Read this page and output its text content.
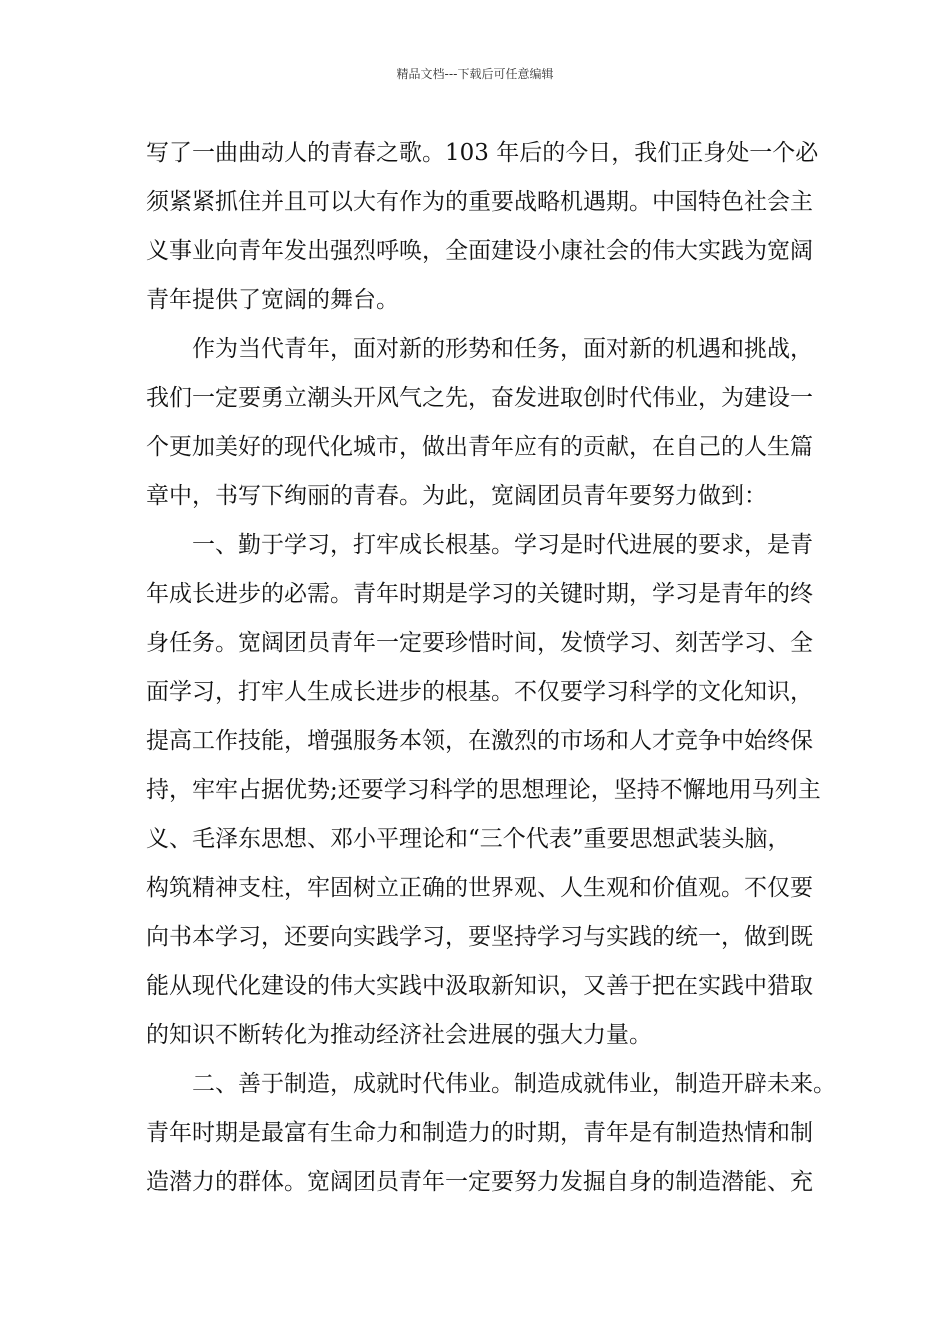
精品文档---下载后可任意编辑
写了一曲曲动人的青春之歌。103 年后的今日，我们正身处一个必
须紧紧抓住并且可以大有作为的重要战略机遇期。中国特色社会主
义事业向青年发出强烈呼唤，全面建设小康社会的伟大实践为宽阔
青年提供了宽阔的舞台。
　　作为当代青年，面对新的形势和任务，面对新的机遇和挑战，
我们一定要勇立潮头开风气之先，奋发进取创时代伟业，为建设一
个更加美好的现代化城市，做出青年应有的贡献，在自己的人生篇
章中，书写下绚丽的青春。为此，宽阔团员青年要努力做到：
　　一、勤于学习，打牢成长根基。学习是时代进展的要求，是青
年成长进步的必需。青年时期是学习的关键时期，学习是青年的终
身任务。宽阔团员青年一定要珍惜时间，发愤学习、刻苦学习、全
面学习，打牢人生成长进步的根基。不仅要学习科学的文化知识，
提高工作技能，增强服务本领，在激烈的市场和人才竞争中始终保
持，牢牢占据优势;还要学习科学的思想理论，坚持不懈地用马列主
义、毛泽东思想、邓小平理论和“三个代表”重要思想武装头脑，
构筑精神支柱，牢固树立正确的世界观、人生观和价值观。不仅要
向书本学习，还要向实践学习，要坚持学习与实践的统一，做到既
能从现代化建设的伟大实践中汲取新知识，又善于把在实践中猎取
的知识不断转化为推动经济社会进展的强大力量。
　　二、善于制造，成就时代伟业。制造成就伟业，制造开辟未来。
青年时期是最富有生命力和制造力的时期，青年是有制造热情和制
造潜力的群体。宽阔团员青年一定要努力发掘自身的制造潜能、充
